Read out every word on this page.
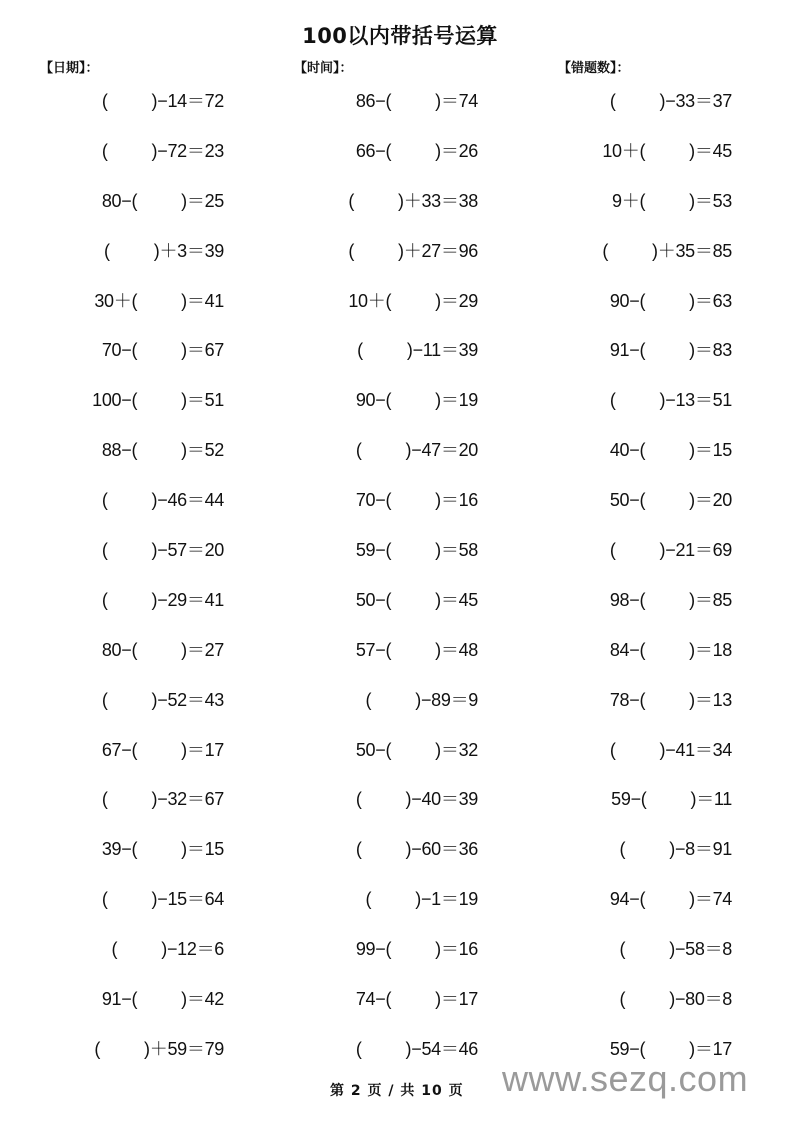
100以内带括号运算
【日期】：	【时间】：	【错题数】：
( )−14＝72	86−( )＝74	( )−33＝37
( )−72＝23	66−( )＝26	10＋( )＝45
80−( )＝25	( )＋33＝38	9＋( )＝53
( )＋3＝39	( )＋27＝96	( )＋35＝85
30＋( )＝41	10＋( )＝29	90−( )＝63
70−( )＝67	( )−11＝39	91−( )＝83
100−( )＝51	90−( )＝19	( )−13＝51
88−( )＝52	( )−47＝20	40−( )＝15
( )−46＝44	70−( )＝16	50−( )＝20
( )−57＝20	59−( )＝58	( )−21＝69
( )−29＝41	50−( )＝45	98−( )＝85
80−( )＝27	57−( )＝48	84−( )＝18
( )−52＝43	( )−89＝9	78−( )＝13
67−( )＝17	50−( )＝32	( )−41＝34
( )−32＝67	( )−40＝39	59−( )＝11
39−( )＝15	( )−60＝36	( )−8＝91
( )−15＝64	( )−1＝19	94−( )＝74
( )−12＝6	99−( )＝16	( )−58＝8
91−( )＝42	74−( )＝17	( )−80＝8
( )＋59＝79	( )−54＝46	59−( )＝17
第 2 页 / 共 10 页 www.sezq.com
